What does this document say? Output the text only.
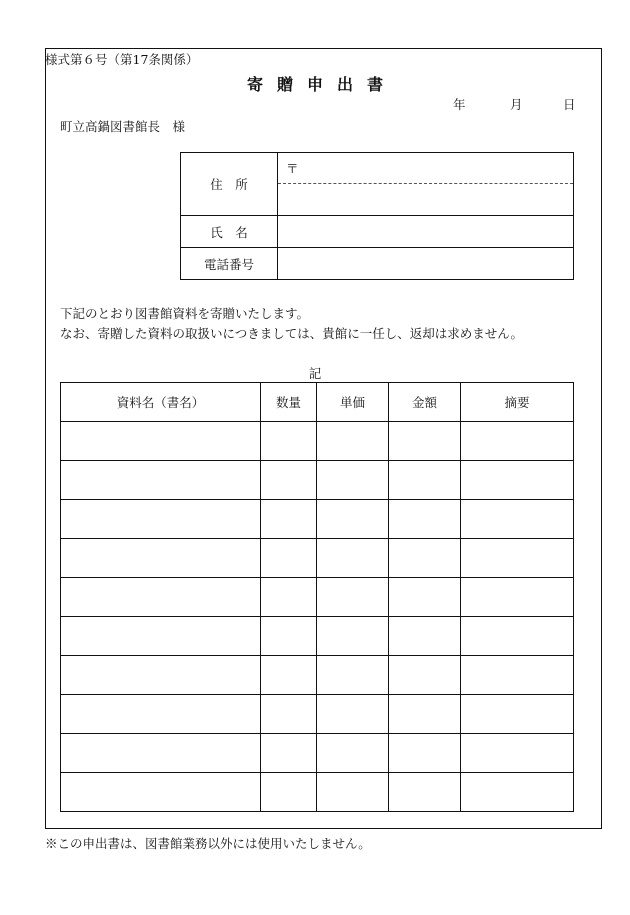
様式第６号（第17条関係）
寄贈申出書
年	月	日
町立高鍋図書館長　様
住　所	〒

氏　名	
電話番号	
下記のとおり図書館資料を寄贈いたします。
なお、寄贈した資料の取扱いにつきましては、貴館に一任し、返却は求めません。
記
資料名（書名）	数量	単価	金額	摘要

※この申出書は、図書館業務以外には使用いたしません。
